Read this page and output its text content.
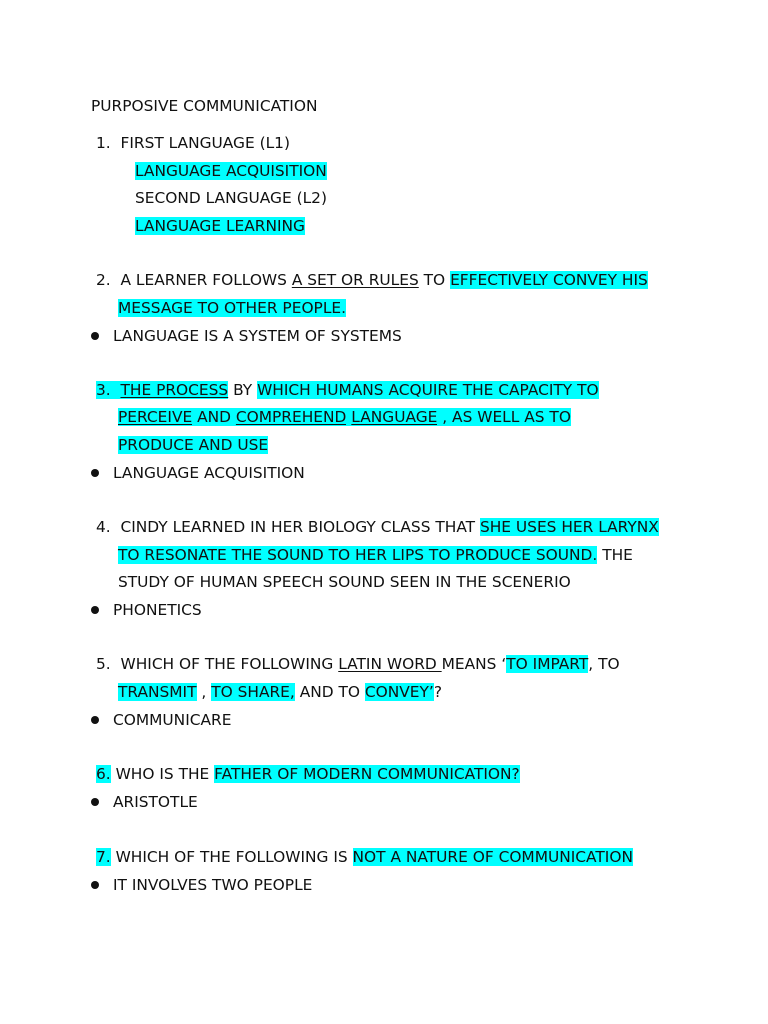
PURPOSIVE COMMUNICATION
1. FIRST LANGUAGE (L1)
LANGUAGE ACQUISITION
SECOND LANGUAGE (L2)
LANGUAGE LEARNING
2. A LEARNER FOLLOWS A SET OR RULES TO EFFECTIVELY CONVEY HIS
MESSAGE TO OTHER PEOPLE.
LANGUAGE IS A SYSTEM OF SYSTEMS
3. THE PROCESS BY WHICH HUMANS ACQUIRE THE CAPACITY TO
PERCEIVE AND COMPREHEND LANGUAGE , AS WELL AS TO
PRODUCE AND USE
LANGUAGE ACQUISITION
4. CINDY LEARNED IN HER BIOLOGY CLASS THAT SHE USES HER LARYNX
TO RESONATE THE SOUND TO HER LIPS TO PRODUCE SOUND. THE
STUDY OF HUMAN SPEECH SOUND SEEN IN THE SCENERIO
PHONETICS
5. WHICH OF THE FOLLOWING LATIN WORD MEANS ‘TO IMPART, TO
TRANSMIT , TO SHARE, AND TO CONVEY’?
COMMUNICARE
6. WHO IS THE FATHER OF MODERN COMMUNICATION?
ARISTOTLE
7. WHICH OF THE FOLLOWING IS NOT A NATURE OF COMMUNICATION
IT INVOLVES TWO PEOPLE
